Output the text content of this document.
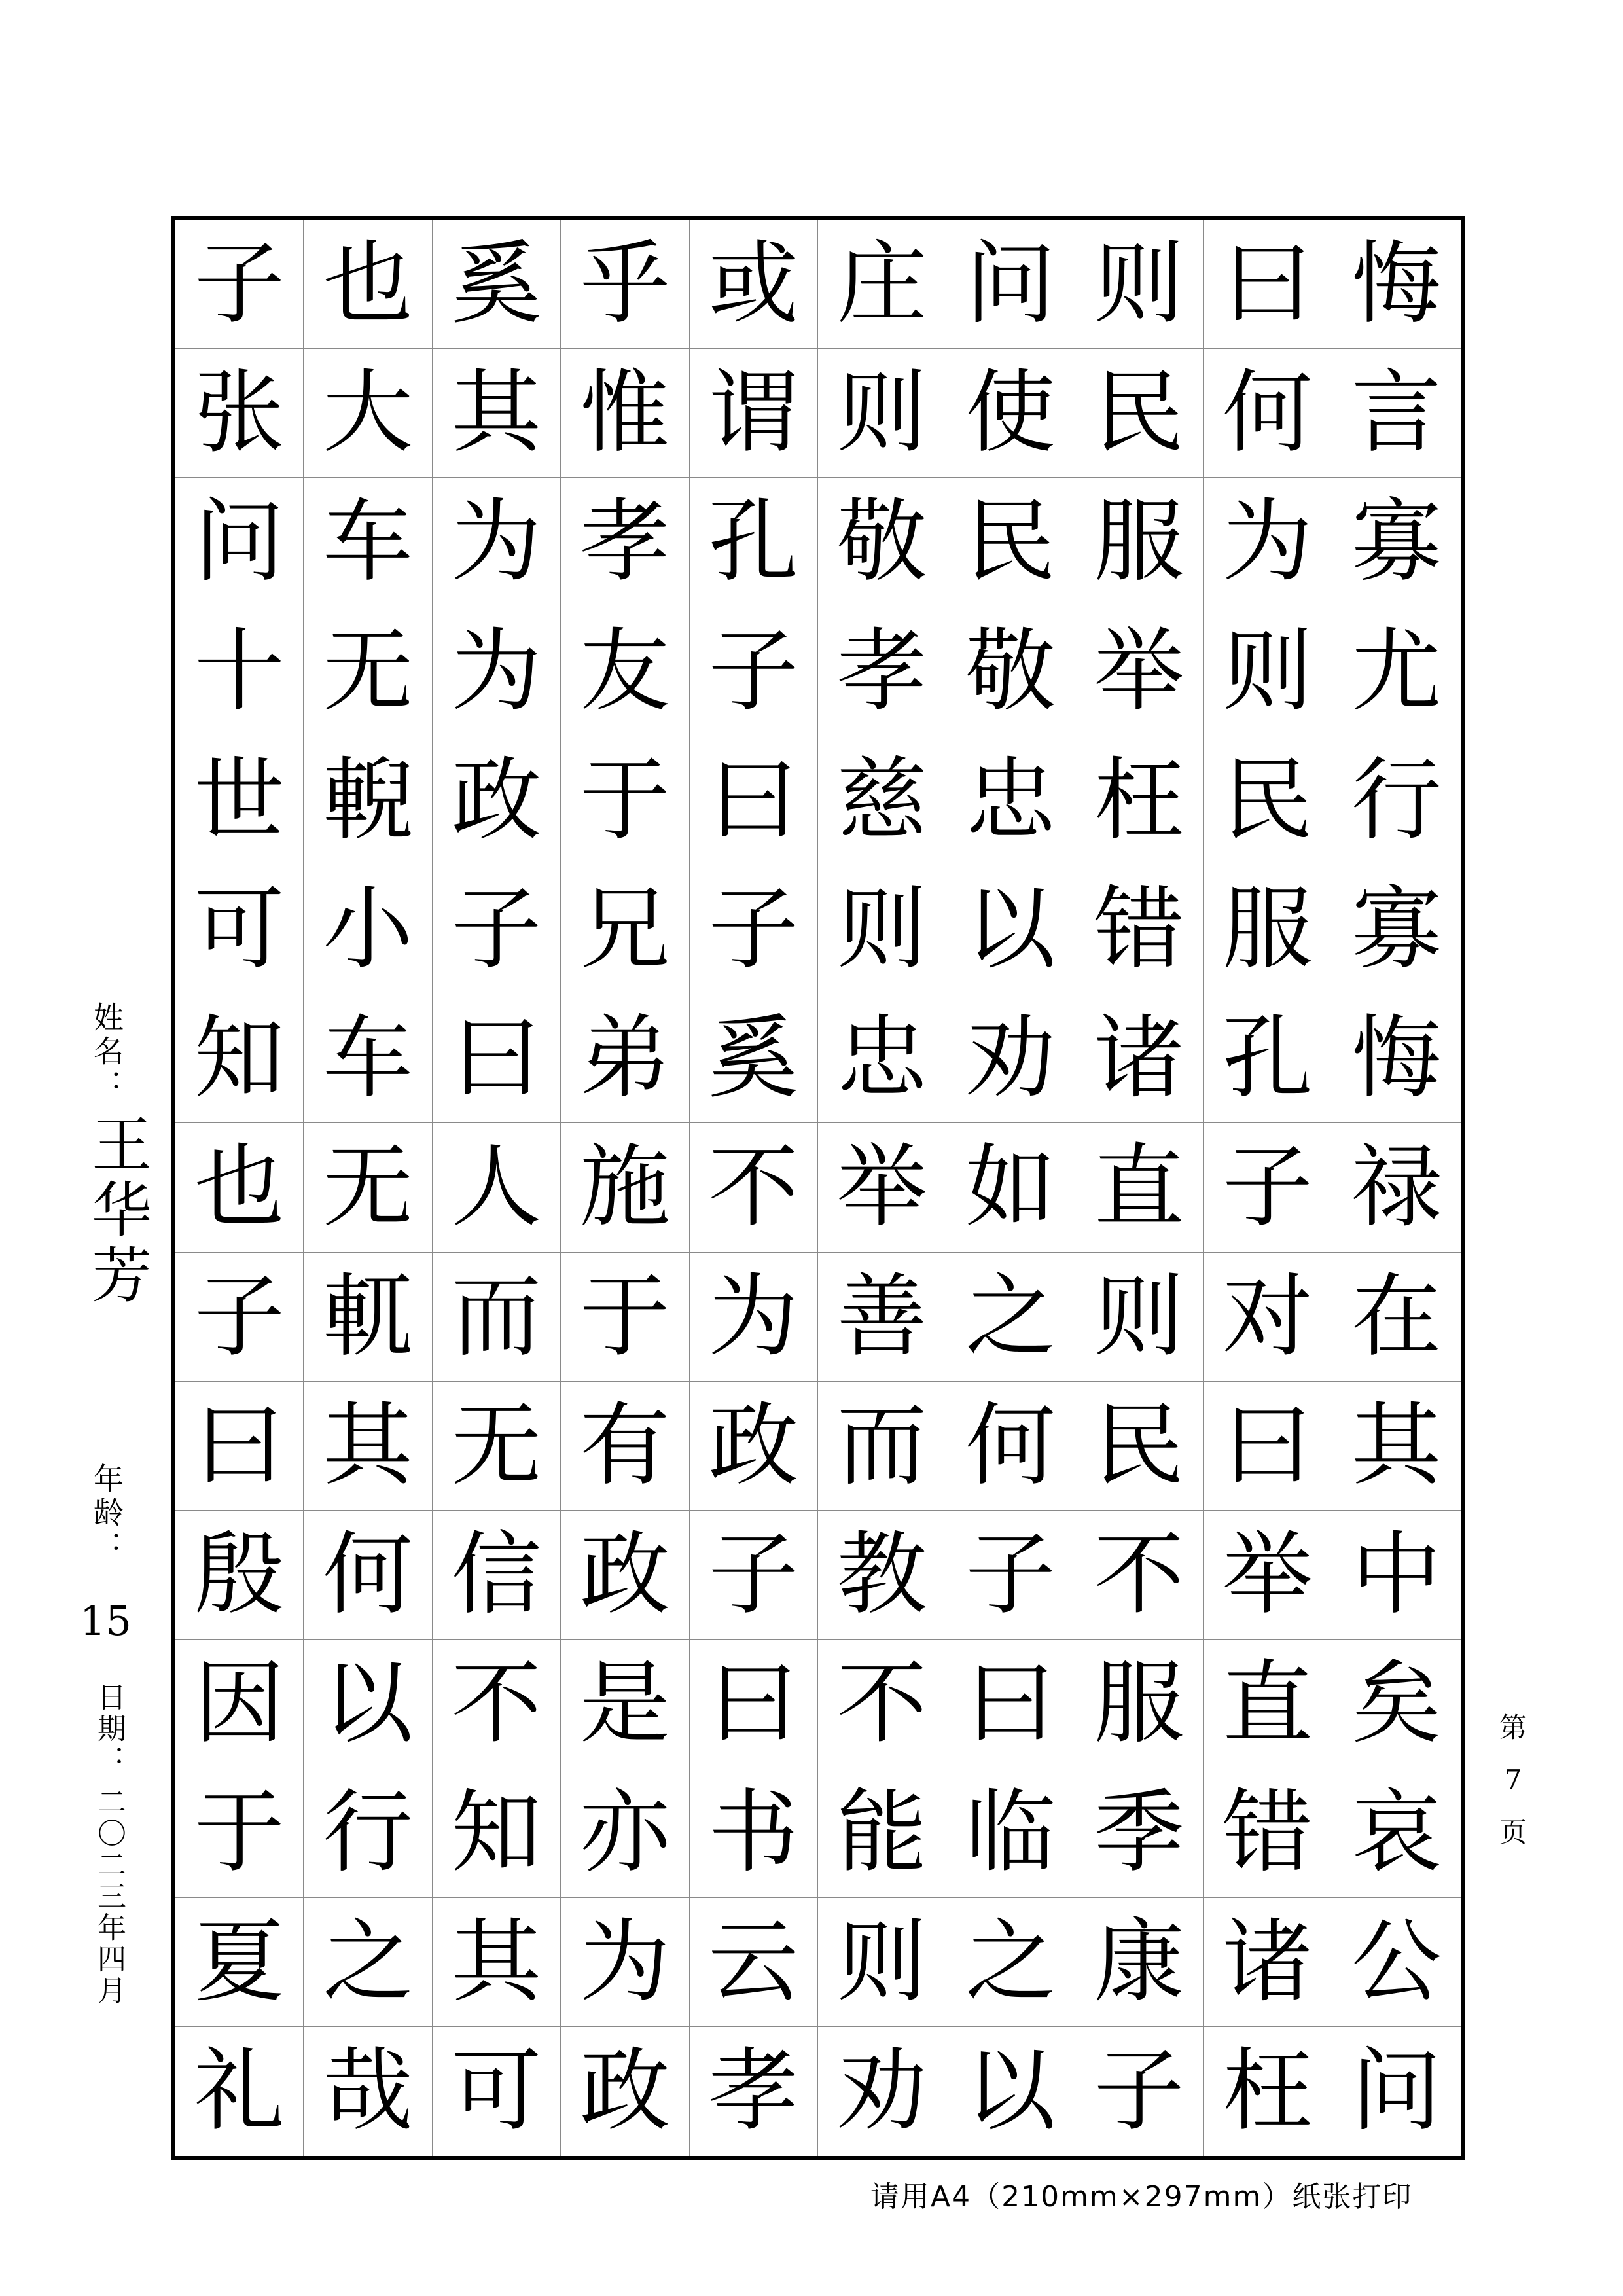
子 也 奚 乎 或 庄 问 则 曰 悔
张 大 其 惟 谓 则 使 民 何 言
问 车 为 孝 孔 敬 民 服 为 寡
十 无 为 友 子 孝 敬 举 则 尤
世 輗 政 于 曰 慈 忠 枉 民 行
可 小 子 兄 子 则 以 错 服 寡
知 车 曰 弟 奚 忠 劝 诸 孔 悔
也 无 人 施 不 举 如 直 子 禄
子 軏 而 于 为 善 之 则 对 在
曰 其 无 有 政 而 何 民 曰 其
殷 何 信 政 子 教 子 不 举 中
因 以 不 是 曰 不 曰 服 直 矣
于 行 知 亦 书 能 临 季 错 哀
夏 之 其 为 云 则 之 康 诸 公
礼 哉 可 政 孝 劝 以 子 枉 问
姓名：
王华芳
年龄：
15
日期：
二〇二三年四月
第
7
页
请用A4（210mm×297mm）纸张打印
